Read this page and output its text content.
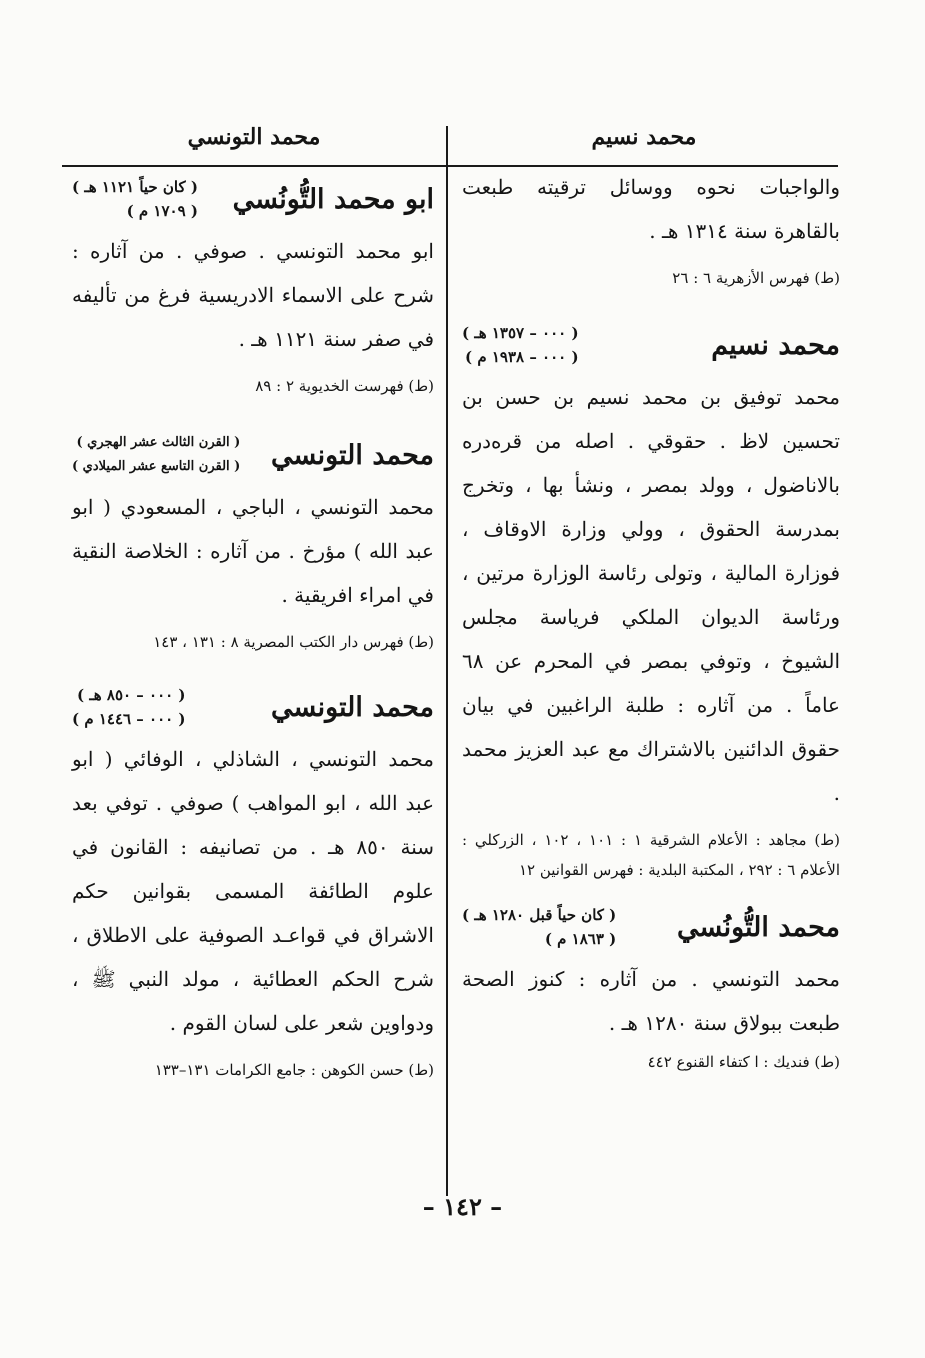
محمد نسيم
محمد التونسي

والواجبات نحوه ووسائل ترقيته طبعت بالقاهرة سنة ١٣١٤ هـ .

(ط) فهرس الأزهرية ٦ : ٢٦

محمد نسيم
( ٠٠٠ – ١٣٥٧ هـ )
( ٠٠٠ – ١٩٣٨ م )

محمد توفيق بن محمد نسيم بن حسن بن تحسين لاظ . حقوقي . اصله من قره‌دره بالاناضول ، وولد بمصر ، ونشأ بها ، وتخرج بمدرسة الحقوق ، وولي وزارة الاوقاف ، فوزارة المالية ، وتولى رئاسة الوزارة مرتين ، ورئاسة الديوان الملكي فرياسة مجلس الشيوخ ، وتوفي بمصر في المحرم عن ٦٨ عاماً . من آثاره : طلبة الراغبين في بيان حقوق الدائنين بالاشتراك مع عبد العزيز محمد .

(ط) مجاهد : الأعلام الشرقية ١ : ١٠١ ، ١٠٢ ، الزركلي : الأعلام ٦ : ٢٩٢ ، المكتبة البلدية : فهرس القوانين ١٢

محمد التُّونُسي
( كان حياً قبل ١٢٨٠ هـ )
( ١٨٦٣ م )

محمد التونسي . من آثاره : كنوز الصحة طبعت ببولاق سنة ١٢٨٠ هـ .

(ط) فنديك : ا كتفاء القنوع ٤٤٢

ابو محمد التُّونُسي
( كان حياً ١١٢١ هـ )
( ١٧٠٩ م )

ابو محمد التونسي . صوفي . من آثاره : شرح على الاسماء الادريسية فرغ من تأليفه في صفر سنة ١١٢١ هـ .

(ط) فهرست الخديوية ٢ : ٨٩

محمد التونسي
( القرن الثالث عشر الهجري )
( القرن التاسع عشر الميلادي )

محمد التونسي ، الباجي ، المسعودي ( ابو عبد الله ) مؤرخ . من آثاره : الخلاصة النقية في امراء افريقية .

(ط) فهرس دار الكتب المصرية ٨ : ١٣١ ، ١٤٣

محمد التونسي
( ٠٠٠ – ٨٥٠ هـ )
( ٠٠٠ – ١٤٤٦ م )

محمد التونسي ، الشاذلي ، الوفائي ( ابو عبد الله ، ابو المواهب ) صوفي . توفي بعد سنة ٨٥٠ هـ . من تصانيفه : القانون في علوم الطائفة المسمى بقوانين حكم الاشراق في قواعـد الصوفية على الاطلاق ، شرح الحكم العطائية ، مولد النبي ﷺ ، ودواوين شعر على لسان القوم .

(ط) حسن الكوهن : جامع الكرامات ١٣١–١٣٣

– ١٤٢ –
